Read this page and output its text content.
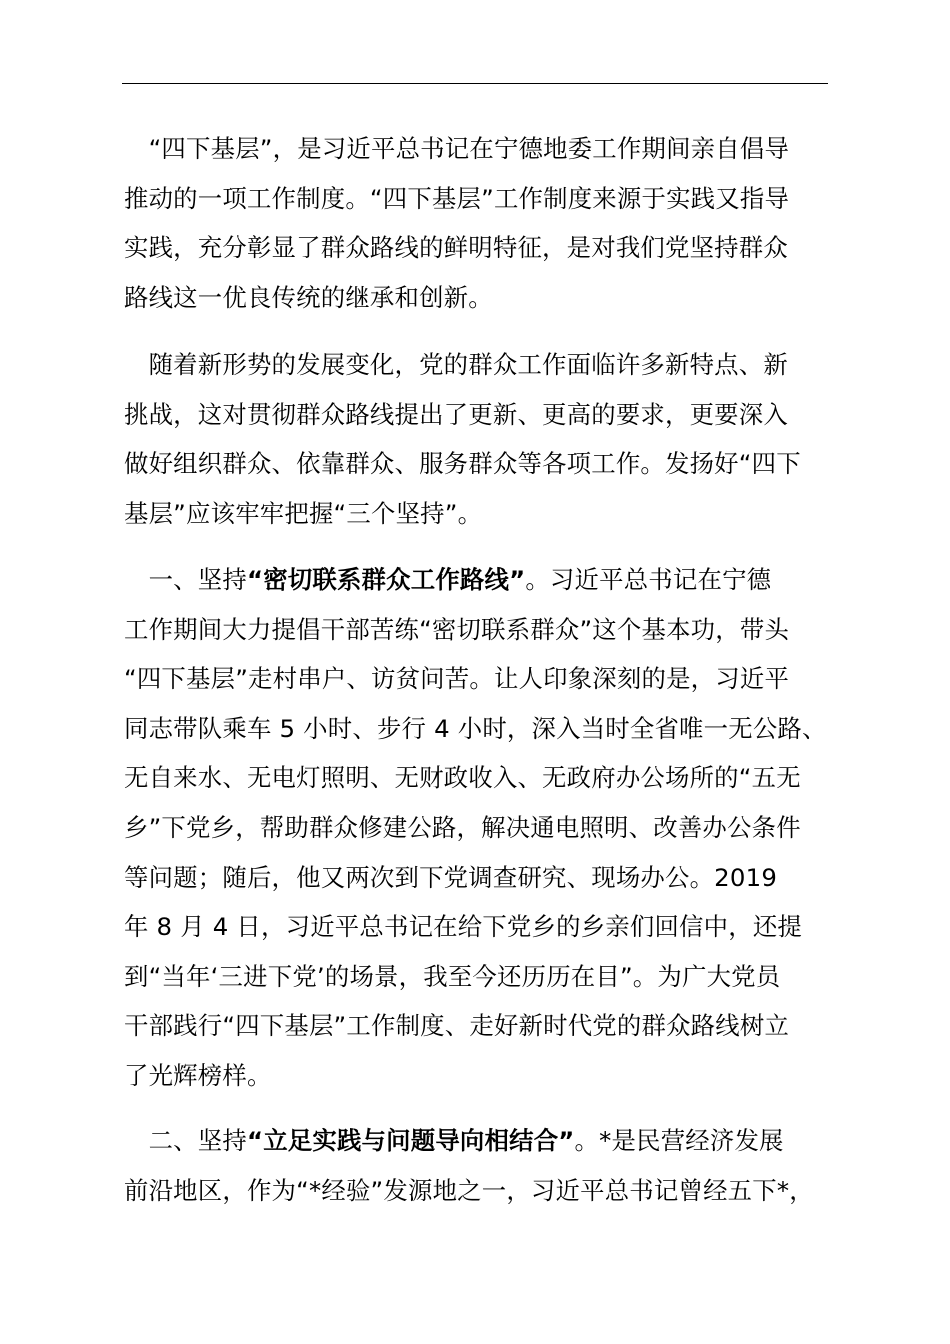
　“四下基层”，是习近平总书记在宁德地委工作期间亲自倡导
推动的一项工作制度。“四下基层”工作制度来源于实践又指导
实践，充分彰显了群众路线的鲜明特征，是对我们党坚持群众
路线这一优良传统的继承和创新。
　随着新形势的发展变化，党的群众工作面临许多新特点、新
挑战，这对贯彻群众路线提出了更新、更高的要求，更要深入
做好组织群众、依靠群众、服务群众等各项工作。发扬好“四下
基层”应该牢牢把握“三个坚持”。
　一、坚持“密切联系群众工作路线”。习近平总书记在宁德
工作期间大力提倡干部苦练“密切联系群众”这个基本功，带头
“四下基层”走村串户、访贫问苦。让人印象深刻的是，习近平
同志带队乘车 5 小时、步行 4 小时，深入当时全省唯一无公路、
无自来水、无电灯照明、无财政收入、无政府办公场所的“五无
乡”下党乡，帮助群众修建公路，解决通电照明、改善办公条件
等问题；随后，他又两次到下党调查研究、现场办公。2019
年 8 月 4 日，习近平总书记在给下党乡的乡亲们回信中，还提
到“当年‘三进下党’的场景，我至今还历历在目”。为广大党员
干部践行“四下基层”工作制度、走好新时代党的群众路线树立
了光辉榜样。
　二、坚持“立足实践与问题导向相结合”。*是民营经济发展
前沿地区，作为“*经验”发源地之一，习近平总书记曾经五下*，
